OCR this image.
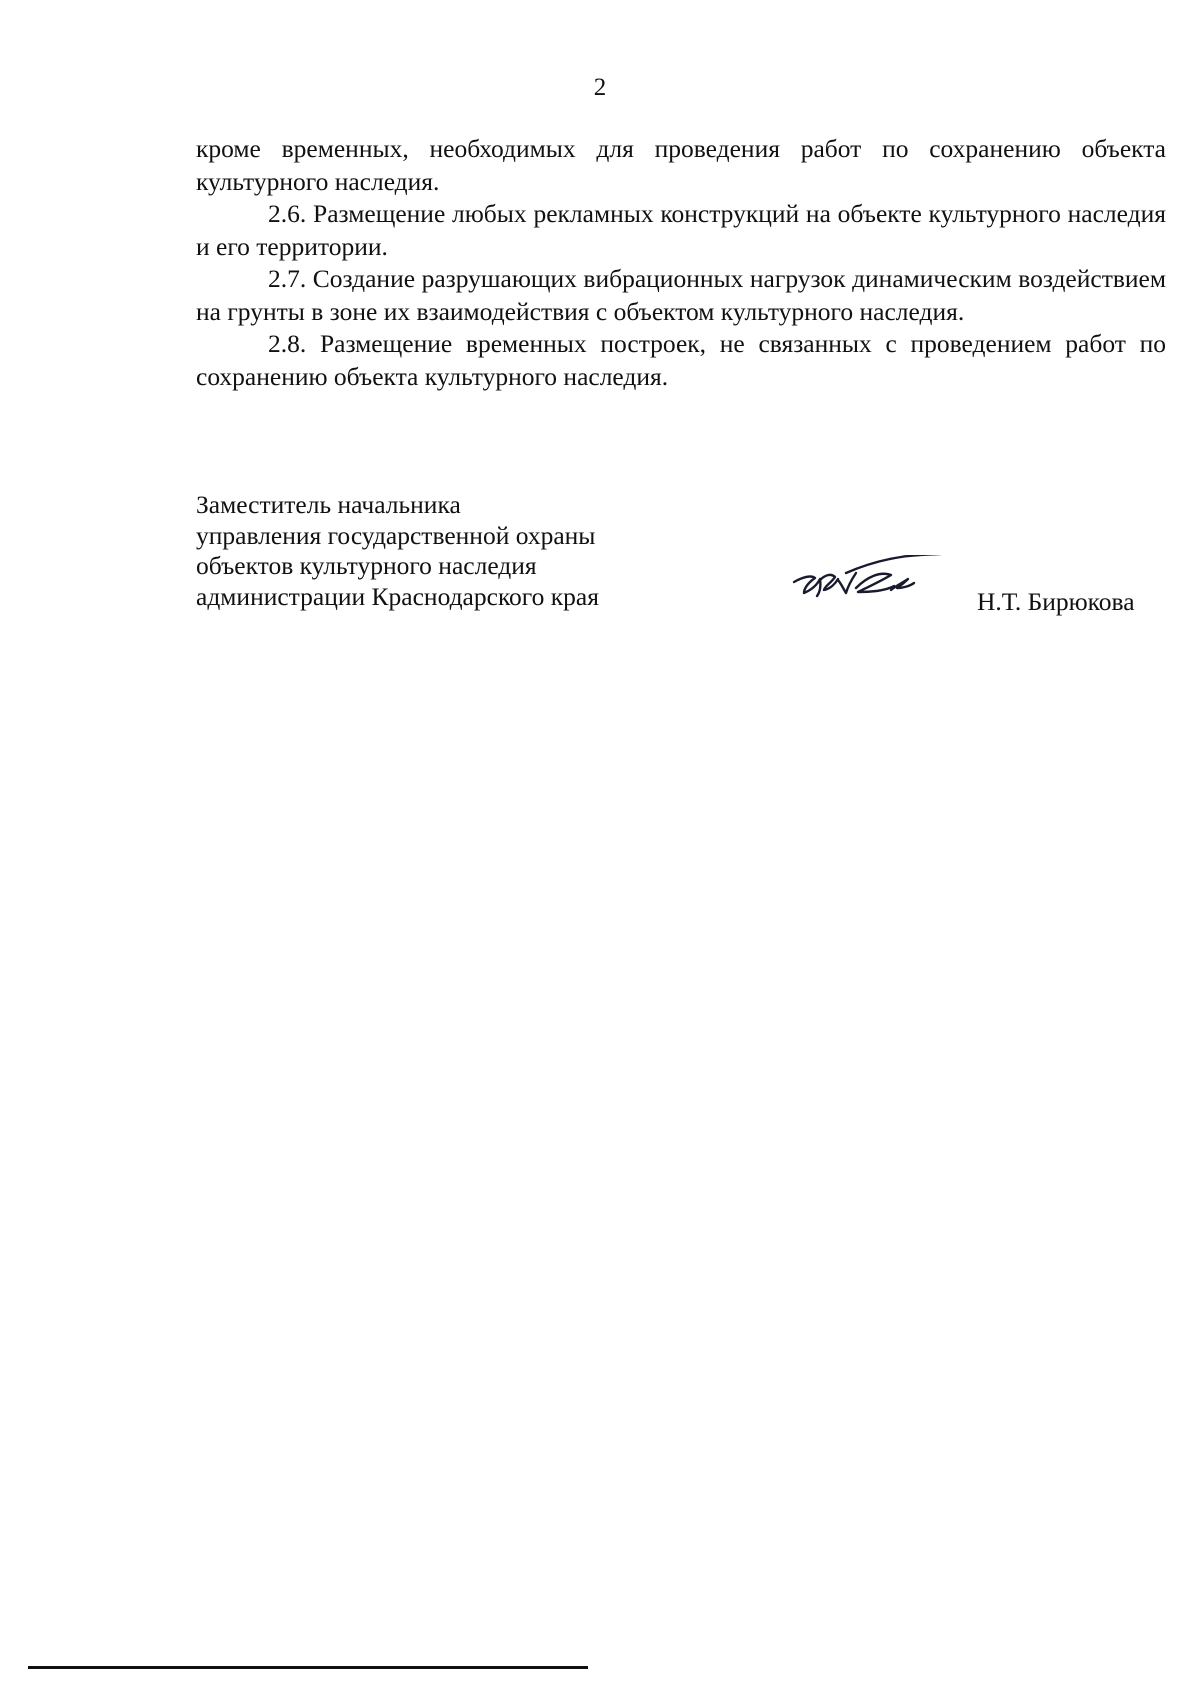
2

кроме временных, необходимых для проведения работ по сохранению объекта культурного наследия.

2.6. Размещение любых рекламных конструкций на объекте культурного наследия и его территории.

2.7. Создание разрушающих вибрационных нагрузок динамическим воздействием на грунты в зоне их взаимодействия с объектом культурного наследия.

2.8. Размещение временных построек, не связанных с проведением работ по сохранению объекта культурного наследия.

Заместитель начальника
управления государственной охраны
объектов культурного наследия
администрации Краснодарского края	Н.Т. Бирюкова
